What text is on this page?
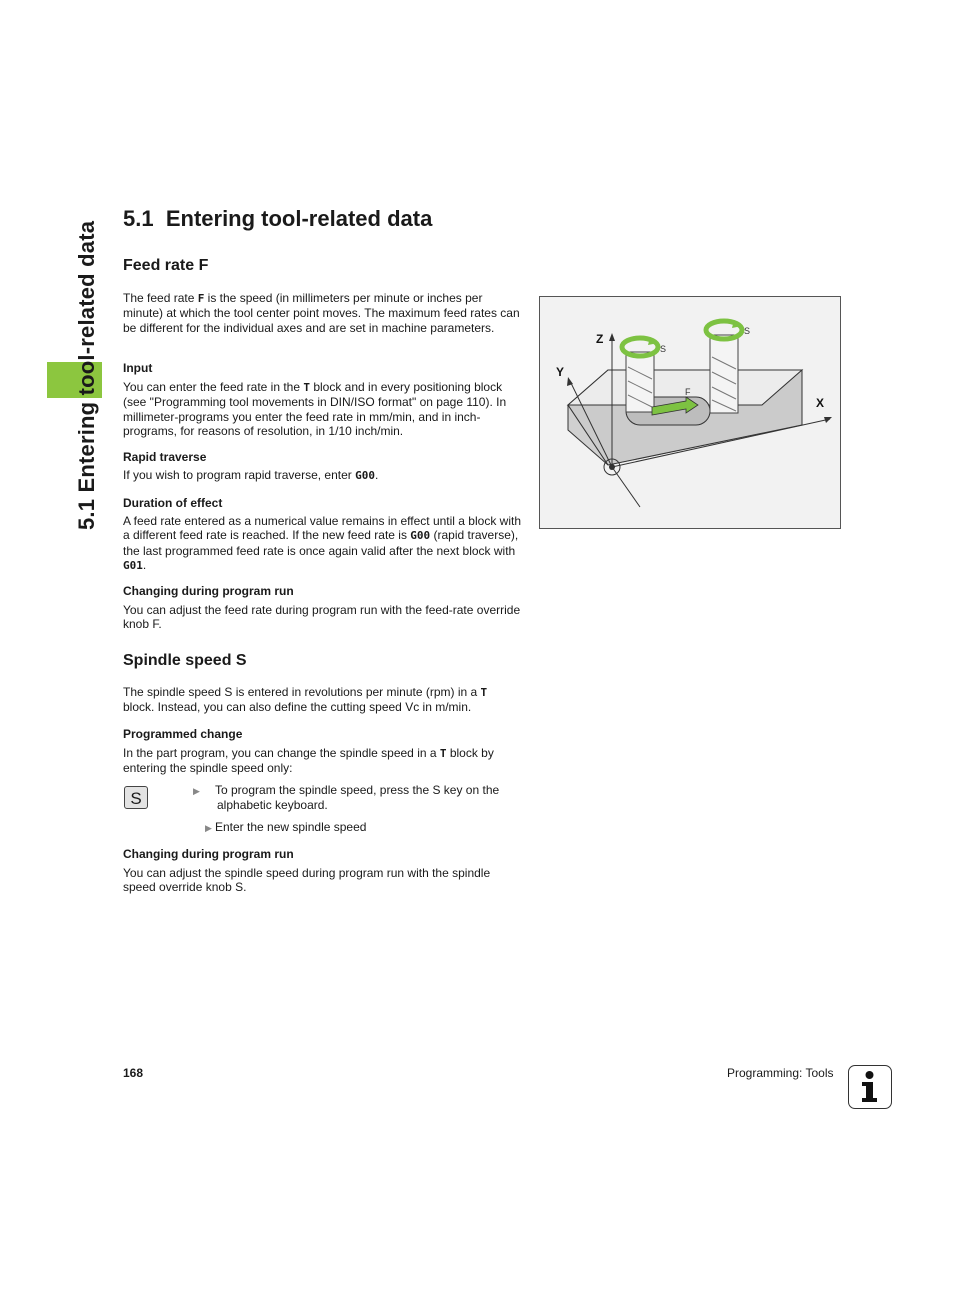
5.1 Entering tool-related data
5.1 Entering tool-related data
Feed rate F

The feed rate F is the speed (in millimeters per minute or inches per minute) at which the tool center point moves. The maximum feed rates can be different for the individual axes and are set in machine parameters.

Input

You can enter the feed rate in the T block and in every positioning block (see "Programming tool movements in DIN/ISO format" on page 110). In millimeter-programs you enter the feed rate in mm/min, and in inch-programs, for reasons of resolution, in 1/10 inch/min.

Rapid traverse

If you wish to program rapid traverse, enter G00.

Duration of effect

A feed rate entered as a numerical value remains in effect until a block with a different feed rate is reached. If the new feed rate is G00 (rapid traverse), the last programmed feed rate is once again valid after the next block with G01.

Changing during program run

You can adjust the feed rate during program run with the feed-rate override knob F.

Spindle speed S

The spindle speed S is entered in revolutions per minute (rpm) in a T block. Instead, you can also define the cutting speed Vc in m/min.

Programmed change

In the part program, you can change the spindle speed in a T block by entering the spindle speed only:

S	▶ To program the spindle speed, press the S key on the alphabetic keyboard.
▶ Enter the new spindle speed
Changing during program run

You can adjust the spindle speed during program run with the spindle speed override knob S.

Z
Y
X
S
S
F
168	Programming: Tools
